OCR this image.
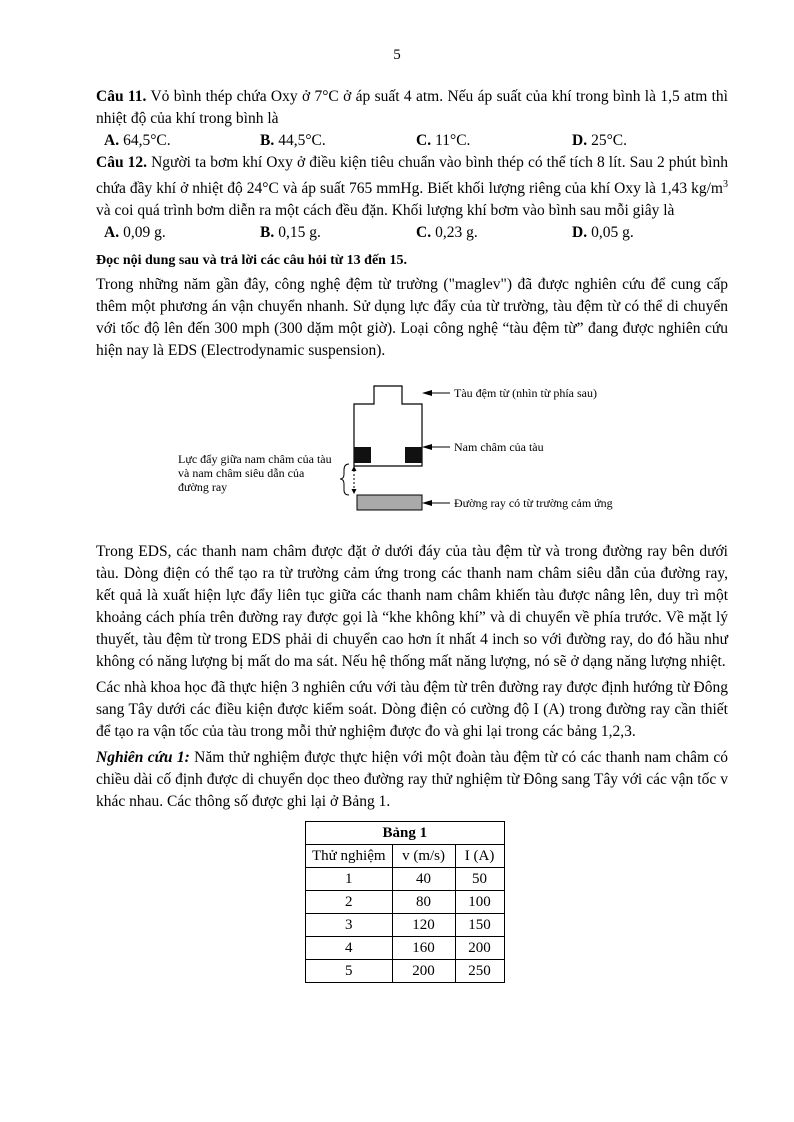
5

Câu 11. Vỏ bình thép chứa Oxy ở 7°C ở áp suất 4 atm. Nếu áp suất của khí trong bình là 1,5 atm thì nhiệt độ của khí trong bình là

A. 64,5°C.	B. 44,5°C.	C. 11°C.	D. 25°C.

Câu 12. Người ta bơm khí Oxy ở điều kiện tiêu chuẩn vào bình thép có thể tích 8 lít. Sau 2 phút bình chứa đầy khí ở nhiệt độ 24°C và áp suất 765 mmHg. Biết khối lượng riêng của khí Oxy là 1,43 $kg/m^3$ và coi quá trình bơm diễn ra một cách đều đặn. Khối lượng khí bơm vào bình sau mỗi giây là

A. 0,09 g.	B. 0,15 g.	C. 0,23 g.	D. 0,05 g.

Đọc nội dung sau và trả lời các câu hỏi từ 13 đến 15.

Trong những năm gần đây, công nghệ đệm từ trường ("maglev") đã được nghiên cứu để cung cấp thêm một phương án vận chuyển nhanh. Sử dụng lực đẩy của từ trường, tàu đệm từ có thể di chuyển với tốc độ lên đến 300 mph (300 dặm một giờ). Loại công nghệ “tàu đệm từ” đang được nghiên cứu hiện nay là EDS (Electrodynamic suspension).

Tàu đệm từ (nhìn từ phía sau)
Nam châm của tàu
Lực đẩy giữa nam châm của tàu và nam châm siêu dẫn của đường ray
Đường ray có từ trường cảm ứng

Trong EDS, các thanh nam châm được đặt ở dưới đáy của tàu đệm từ và trong đường ray bên dưới tàu. Dòng điện có thể tạo ra từ trường cảm ứng trong các thanh nam châm siêu dẫn của đường ray, kết quả là xuất hiện lực đẩy liên tục giữa các thanh nam châm khiến tàu được nâng lên, duy trì một khoảng cách phía trên đường ray được gọi là “khe không khí” và di chuyển về phía trước. Về mặt lý thuyết, tàu đệm từ trong EDS phải di chuyển cao hơn ít nhất 4 inch so với đường ray, do đó hầu như không có năng lượng bị mất do ma sát. Nếu hệ thống mất năng lượng, nó sẽ ở dạng năng lượng nhiệt.

Các nhà khoa học đã thực hiện 3 nghiên cứu với tàu đệm từ trên đường ray được định hướng từ Đông sang Tây dưới các điều kiện được kiểm soát. Dòng điện có cường độ I (A) trong đường ray cần thiết để tạo ra vận tốc của tàu trong mỗi thử nghiệm được đo và ghi lại trong các bảng 1,2,3.

Nghiên cứu 1: Năm thử nghiệm được thực hiện với một đoàn tàu đệm từ có các thanh nam châm có chiều dài cố định được di chuyển dọc theo đường ray thử nghiệm từ Đông sang Tây với các vận tốc v khác nhau. Các thông số được ghi lại ở Bảng 1.

Bảng 1		
Thử nghiệm	v (m/s)	I (A)
1	40	50
2	80	100
3	120	150
4	160	200
5	200	250
